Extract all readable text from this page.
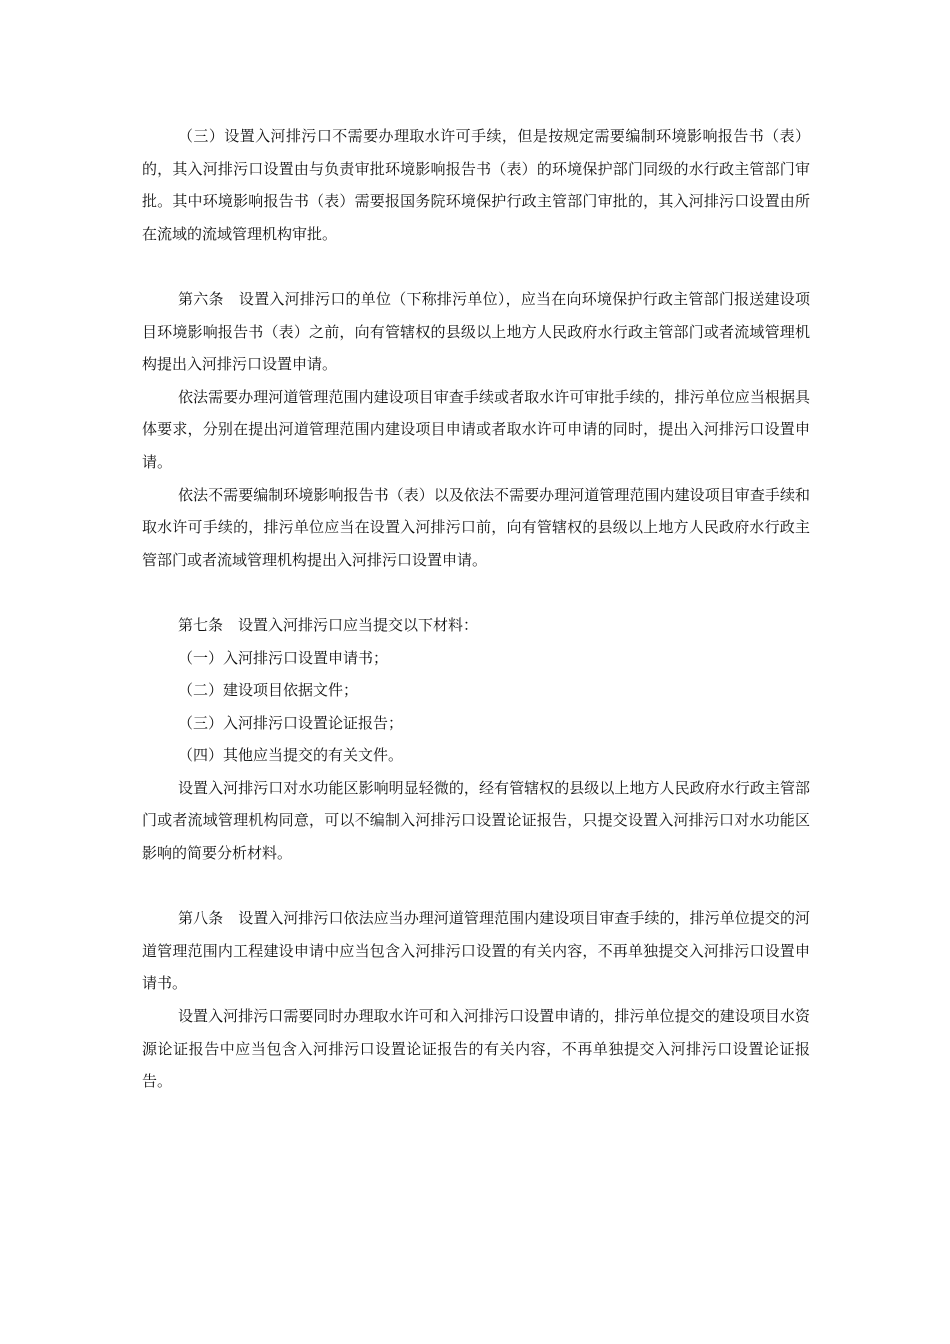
（三）设置入河排污口不需要办理取水许可手续，但是按规定需要编制环境影响报告书（表）的，其入河排污口设置由与负责审批环境影响报告书（表）的环境保护部门同级的水行政主管部门审批。其中环境影响报告书（表）需要报国务院环境保护行政主管部门审批的，其入河排污口设置由所在流域的流域管理机构审批。

第六条　设置入河排污口的单位（下称排污单位），应当在向环境保护行政主管部门报送建设项目环境影响报告书（表）之前，向有管辖权的县级以上地方人民政府水行政主管部门或者流域管理机构提出入河排污口设置申请。

依法需要办理河道管理范围内建设项目审查手续或者取水许可审批手续的，排污单位应当根据具体要求，分别在提出河道管理范围内建设项目申请或者取水许可申请的同时，提出入河排污口设置申请。

依法不需要编制环境影响报告书（表）以及依法不需要办理河道管理范围内建设项目审查手续和取水许可手续的，排污单位应当在设置入河排污口前，向有管辖权的县级以上地方人民政府水行政主管部门或者流域管理机构提出入河排污口设置申请。

第七条　设置入河排污口应当提交以下材料：

（一）入河排污口设置申请书；

（二）建设项目依据文件；

（三）入河排污口设置论证报告；

（四）其他应当提交的有关文件。

设置入河排污口对水功能区影响明显轻微的，经有管辖权的县级以上地方人民政府水行政主管部门或者流域管理机构同意，可以不编制入河排污口设置论证报告，只提交设置入河排污口对水功能区影响的简要分析材料。

第八条　设置入河排污口依法应当办理河道管理范围内建设项目审查手续的，排污单位提交的河道管理范围内工程建设申请中应当包含入河排污口设置的有关内容，不再单独提交入河排污口设置申请书。

设置入河排污口需要同时办理取水许可和入河排污口设置申请的，排污单位提交的建设项目水资源论证报告中应当包含入河排污口设置论证报告的有关内容，不再单独提交入河排污口设置论证报告。
